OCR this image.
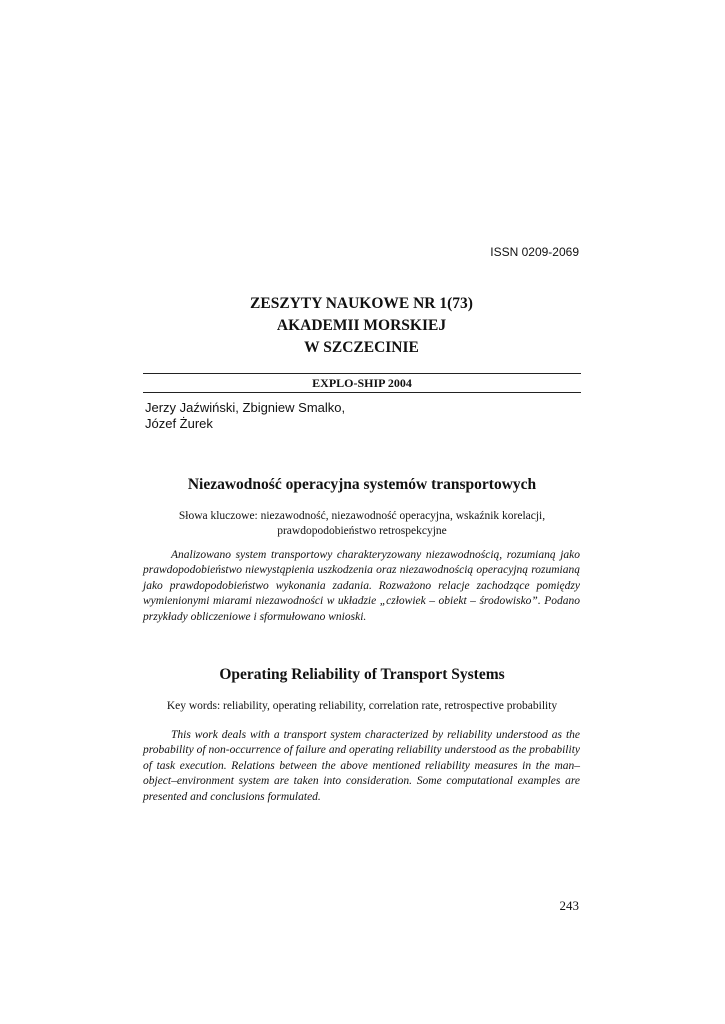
ISSN 0209-2069
ZESZYTY NAUKOWE NR 1(73)
AKADEMII MORSKIEJ
W SZCZECINIE
EXPLO-SHIP 2004
Jerzy Jaźwiński, Zbigniew Smalko,
Józef Żurek
Niezawodność operacyjna systemów transportowych
Słowa kluczowe: niezawodność, niezawodność operacyjna, wskaźnik korelacji,
prawdopodobieństwo retrospekcyjne
Analizowano system transportowy charakteryzowany niezawodnością, rozumianą jako prawdopodobieństwo niewystąpienia uszkodzenia oraz niezawodnością operacyjną rozumianą jako prawdopodobieństwo wykonania zadania. Rozważono relacje zachodzące pomiędzy wymienionymi miarami niezawodności w układzie „człowiek – obiekt – środowisko”. Podano przykłady obliczeniowe i sformułowano wnioski.
Operating Reliability of Transport Systems
Key words: reliability, operating reliability, correlation rate, retrospective probability
This work deals with a transport system characterized by reliability understood as the probability of non-occurrence of failure and operating reliability understood as the probability of task execution. Relations between the above mentioned reliability measures in the man–object–environment system are taken into consideration. Some computational examples are presented and conclusions formulated.
243
